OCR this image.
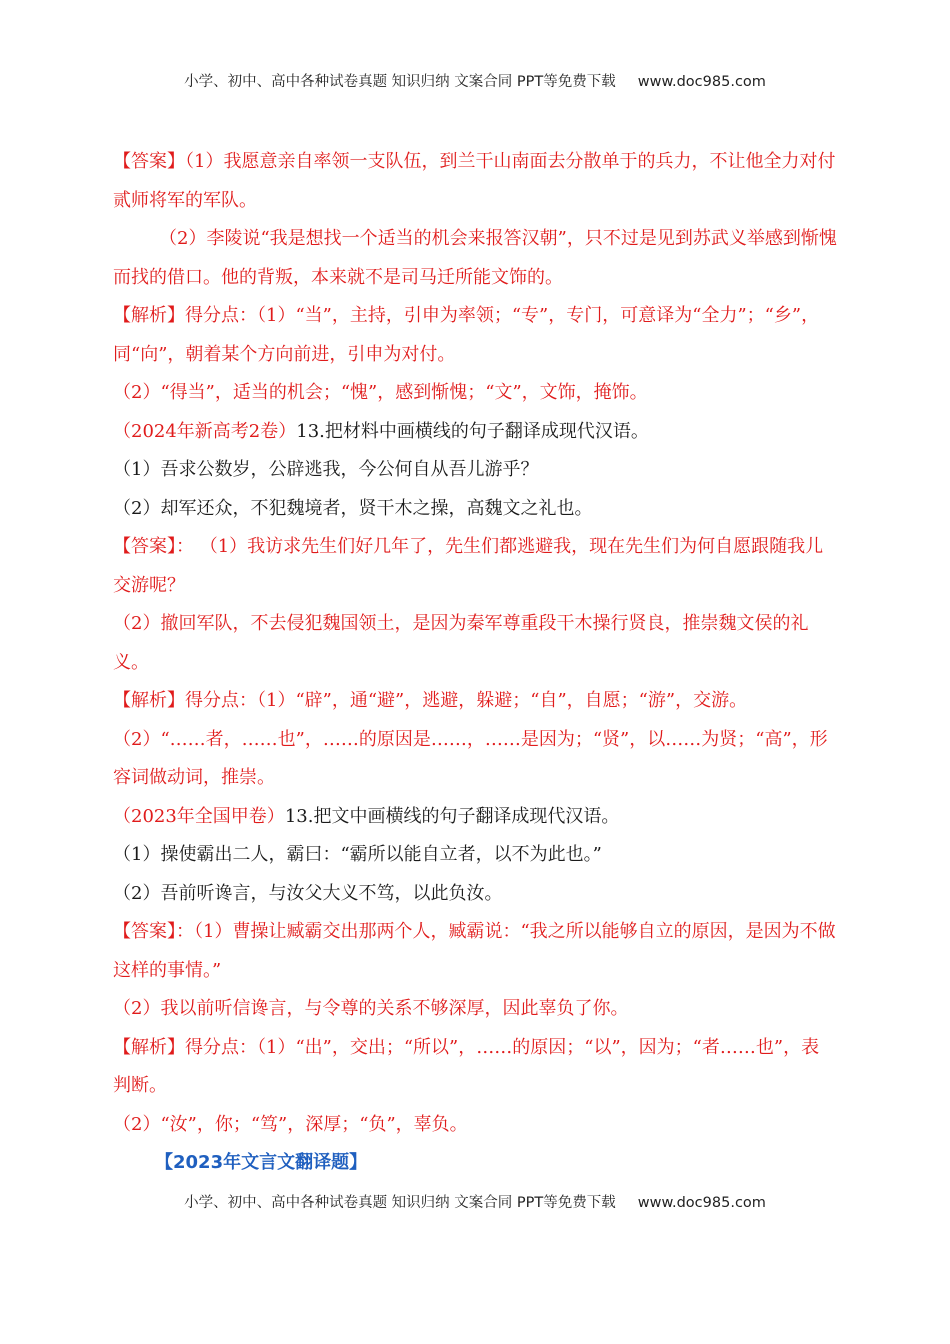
小学、初中、高中各种试卷真题 知识归纳 文案合同 PPT等免费下载 www.doc985.com

【答案】（1）我愿意亲自率领一支队伍，到兰干山南面去分散单于的兵力，不让他全力对付贰师将军的军队。

（2）李陵说“我是想找一个适当的机会来报答汉朝”，只不过是见到苏武义举感到惭愧而找的借口。他的背叛，本来就不是司马迁所能文饰的。

【解析】得分点：（1）“当”，主持，引申为率领；“专”，专门，可意译为“全力”；“乡”，同“向”，朝着某个方向前进，引申为对付。

（2）“得当”，适当的机会；“愧”，感到惭愧；“文”，文饰，掩饰。

（2024年新高考2卷）13.把材料中画横线的句子翻译成现代汉语。

（1）吾求公数岁，公辟逃我，今公何自从吾儿游乎？

（2）却军还众，不犯魏境者，贤干木之操，高魏文之礼也。

【答案】： （1）我访求先生们好几年了，先生们都逃避我，现在先生们为何自愿跟随我儿交游呢？

（2）撤回军队，不去侵犯魏国领土，是因为秦军尊重段干木操行贤良，推崇魏文侯的礼义。

【解析】得分点：（1）“辟”，通“避”，逃避，躲避；“自”，自愿；“游”，交游。

（2）“……者，……也”，……的原因是……，……是因为；“贤”，以……为贤；“高”，形容词做动词，推崇。

（2023年全国甲卷）13.把文中画横线的句子翻译成现代汉语。

（1）操使霸出二人，霸曰：“霸所以能自立者，以不为此也。”

（2）吾前听谗言，与汝父大义不笃，以此负汝。

【答案】：（1）曹操让臧霸交出那两个人，臧霸说：“我之所以能够自立的原因，是因为不做这样的事情。”

（2）我以前听信谗言，与令尊的关系不够深厚，因此辜负了你。

【解析】得分点：（1）“出”，交出；“所以”，……的原因；“以”，因为；“者……也”，表判断。

（2）“汝”，你；“笃”，深厚；“负”，辜负。

【2023年文言文翻译题】
小学、初中、高中各种试卷真题 知识归纳 文案合同 PPT等免费下载 www.doc985.com
